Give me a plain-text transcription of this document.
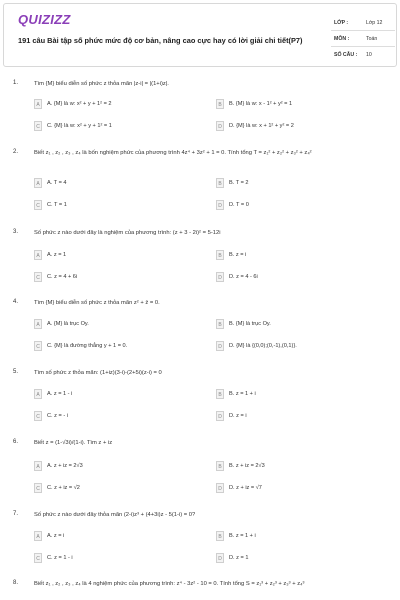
QUIZIZZ
191 câu Bài tập số phức mức độ cơ bản, nâng cao cực hay có lời giải chi tiết(P7)
LỚP :	Lớp 12
MÔN :	Toán
SỐ CÂU : 10
1.	Tìm {M} biểu diễn số phức z thỏa mãn |z-i| = |(1+i)z|.
A	A. {M} là w: x² + y + 1² = 2	B	B. {M} là w: x - 1² + y² = 1
C	C. {M} là w: x² + y + 1² = 1	D	D. {M} là w: x + 1² + y² = 2
2.	Biết z₁ , z₂ , z₃ , z₄ là bốn nghiệm phức của phương trình 4z⁴ + 3z² + 1 = 0. Tính tổng T = z₁² + z₂² + z₃² + z₄²
A	A. T = 4	B	B. T = 2
C	C. T = 1	D	D. T = 0
3.	Số phức z nào dưới đây là nghiệm của phương trình: (z + 3 - 2i)² = 5-12i
A	A. z = 1	B	B. z = i
C	C. z = 4 + 6i	D	D. z = 4 - 6i
4.	Tìm {M} biểu diễn số phức z thỏa mãn z² + z̄ = 0.
A	A. {M} là trục Oy.	B	B. {M} là trục Oy.
C	C. {M} là đường thẳng y + 1 = 0.	D	D. {M} là {(0,0);(0,-1),(0,1)}.
5.	Tìm số phức z thỏa mãn: (1+iz)(3-i)-(2+5i)(z-i) = 0
A	A. z = 1 - i	B	B. z = 1 + i
C	C. z = - i	D	D. z = i
6.	Biết z = (1-√3i)/(1-i). Tìm z + iz
A	A. z + iz = 2√3	B	B. z + iz = 2√3
C	C. z + iz = √2	D	D. z + iz = √7
7.	Số phức z nào dưới đây thỏa mãn (2-i)z³ + (4+3i)z - 5(1-i) = 0?
A	A. z = i	B	B. z = 1 + i
C	C. z = 1 - i	D	D. z = 1
8.	Biết z₁ , z₂ , z₃ , z₄ là 4 nghiệm phức của phương trình: z⁴ - 3z² - 10 = 0. Tính tổng S = z₁³ + z₂³ + z₃³ + z₄³
